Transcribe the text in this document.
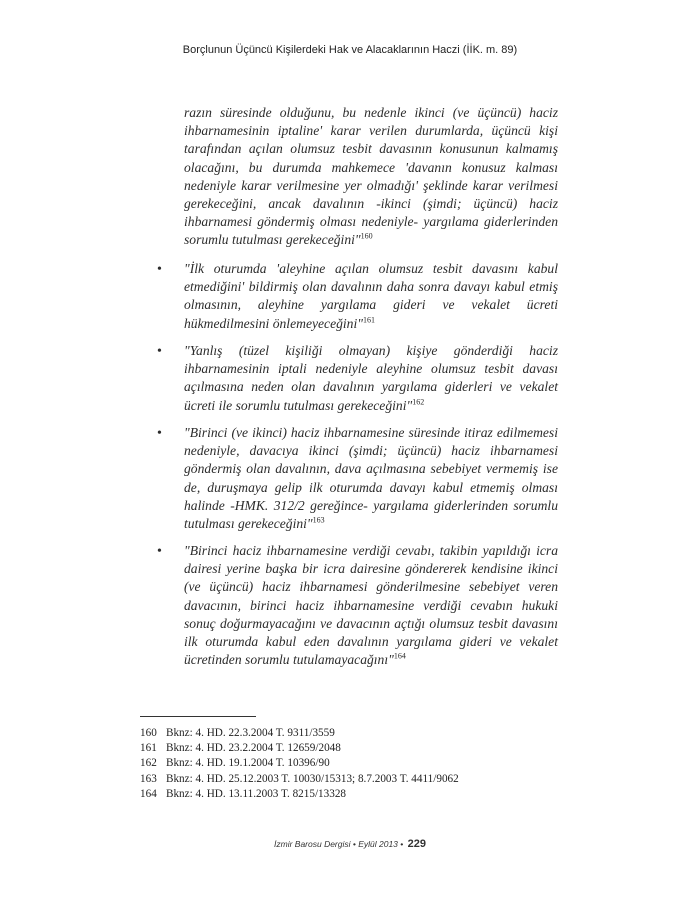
Borçlunun Üçüncü Kişilerdeki Hak ve Alacaklarının Haczi (İİK. m. 89)
razın süresinde olduğunu, bu nedenle ikinci (ve üçüncü) haciz ihbarnamesinin iptaline' karar verilen durumlarda, üçüncü kişi tarafından açılan olumsuz tesbit davasının konusunun kalmamış olacağını, bu durumda mahkemece 'davanın konusuz kalması nedeniyle karar verilmesine yer olmadığı' şeklinde karar verilmesi gerekeceğini, ancak davalının -ikinci (şimdi; üçüncü) haciz ihbarnamesi göndermiş olması nedeniyle- yargılama giderlerinden sorumlu tutulması gerekeceğini"$^{160}$
• "İlk oturumda 'aleyhine açılan olumsuz tesbit davasını kabul etmediğini' bildirmiş olan davalının daha sonra davayı kabul etmiş olmasının, aleyhine yargılama gideri ve vekalet ücreti hükmedilmesini önlemeyeceğini"$^{161}$
• "Yanlış (tüzel kişiliği olmayan) kişiye gönderdiği haciz ihbarnamesinin iptali nedeniyle aleyhine olumsuz tesbit davası açılmasına neden olan davalının yargılama giderleri ve vekalet ücreti ile sorumlu tutulması gerekeceğini"$^{162}$
• "Birinci (ve ikinci) haciz ihbarnamesine süresinde itiraz edilmemesi nedeniyle, davacıya ikinci (şimdi; üçüncü) haciz ihbarnamesi göndermiş olan davalının, dava açılmasına sebebiyet vermemiş ise de, duruşmaya gelip ilk oturumda davayı kabul etmemiş olması halinde -HMK. 312/2 gereğince- yargılama giderlerinden sorumlu tutulması gerekeceğini"$^{163}$
• "Birinci haciz ihbarnamesine verdiği cevabı, takibin yapıldığı icra dairesi yerine başka bir icra dairesine göndererek kendisine ikinci (ve üçüncü) haciz ihbarnamesi gönderilmesine sebebiyet veren davacının, birinci haciz ihbarnamesine verdiği cevabın hukuki sonuç doğurmayacağını ve davacının açtığı olumsuz tesbit davasını ilk oturumda kabul eden davalının yargılama gideri ve vekalet ücretinden sorumlu tutulamayacağını"$^{164}$
160 Bknz: 4. HD. 22.3.2004 T. 9311/3559
161 Bknz: 4. HD. 23.2.2004 T. 12659/2048
162 Bknz: 4. HD. 19.1.2004 T. 10396/90
163 Bknz: 4. HD. 25.12.2003 T. 10030/15313; 8.7.2003 T. 4411/9062
164 Bknz: 4. HD. 13.11.2003 T. 8215/13328
İzmir Barosu Dergisi • Eylül 2013 • 229
